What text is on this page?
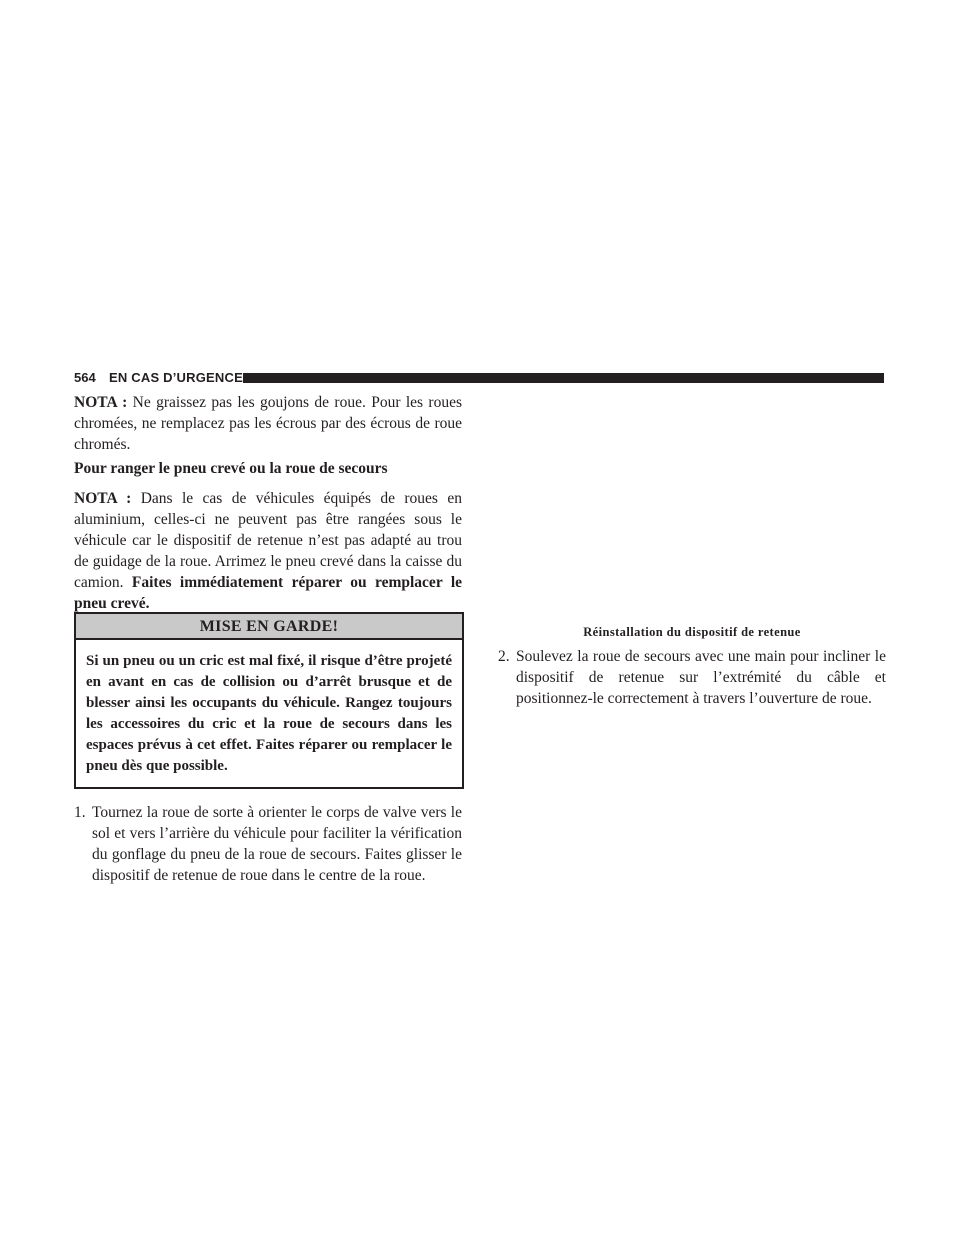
564 EN CAS D’URGENCE

NOTA : Ne graissez pas les goujons de roue. Pour les roues chromées, ne remplacez pas les écrous par des écrous de roue chromés.

Pour ranger le pneu crevé ou la roue de secours

NOTA : Dans le cas de véhicules équipés de roues en aluminium, celles-ci ne peuvent pas être rangées sous le véhicule car le dispositif de retenue n’est pas adapté au trou de guidage de la roue. Arrimez le pneu crevé dans la caisse du camion. Faites immédiatement réparer ou remplacer le pneu crevé.

MISE EN GARDE!
Si un pneu ou un cric est mal fixé, il risque d’être projeté en avant en cas de collision ou d’arrêt brusque et de blesser ainsi les occupants du véhicule. Rangez toujours les accessoires du cric et la roue de secours dans les espaces prévus à cet effet. Faites réparer ou remplacer le pneu dès que possible.
1. Tournez la roue de sorte à orienter le corps de valve vers le sol et vers l’arrière du véhicule pour faciliter la vérification du gonflage du pneu de la roue de secours. Faites glisser le dispositif de retenue de roue dans le centre de la roue.

Réinstallation du dispositif de retenue
2. Soulevez la roue de secours avec une main pour incliner le dispositif de retenue sur l’extrémité du câble et positionnez-le correctement à travers l’ouverture de roue.
